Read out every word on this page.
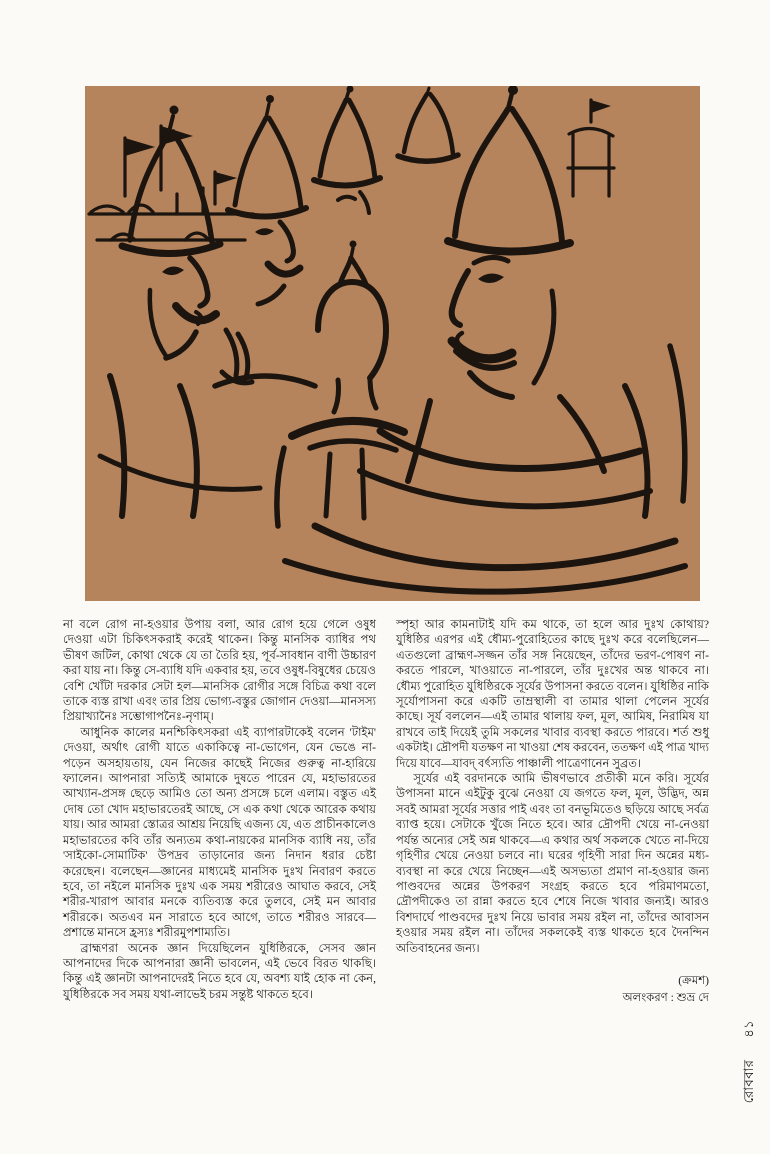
না বলে রোগ না-হওয়ার উপায় বলা, আর রোগ হয়ে গেলে ওষুধ দেওয়া এটা চিকিৎসকরাই করেই থাকেন। কিন্তু মানসিক ব্যাধির পথ ভীষণ জটিল, কোথা থেকে যে তা তৈরি হয়, পূর্ব-সাবধান বাণী উচ্চারণ করা যায় না। কিন্তু সে-ব্যাধি যদি একবার হয়, তবে ওষুধ-বিষুধের চেয়েও বেশি খোঁটা দরকার সেটা হল—মানসিক রোগীর সঙ্গে বিচিত্র কথা বলে তাকে ব্যস্ত রাখা এবং তার প্রিয় ভোগ্য-বস্তুর জোগান দেওয়া—মানসস্য প্রিয়াখ্যানৈঃ সম্ভোগাপনৈঃ-নৃণাম্।

আধুনিক কালের মনশ্চিকিৎসকরা এই ব্যাপারটাকেই বলেন 'টাইম' দেওয়া, অর্থাৎ রোগী যাতে একাকিত্বে না-ভোগেন, যেন ভেঙে না-পড়েন অসহায়তায়, যেন নিজের কাছেই নিজের গুরুত্ব না-হারিয়ে ফ্যালেন। আপনারা সত্যিই আমাকে দুষতে পারেন যে, মহাভারতের আখ্যান-প্রসঙ্গ ছেড়ে আমিও তো অন্য প্রসঙ্গে চলে এলাম। বস্তুত এই দোষ তো খোদ মহাভারতেরই আছে, সে এক কথা থেকে আরেক কথায় যায়। আর আমরা স্তোত্রর আশ্রয় নিয়েছি এজন্য যে, এত প্রাচীনকালেও মহাভারতের কবি তাঁর অন্যতম কথা-নায়কের মানসিক ব্যাধি নয়, তাঁর 'সাইকো-সোমাটিক' উপদ্রব তাড়ানোর জন্য নিদান ধরার চেষ্টা করেছেন। বলেছেন—জ্ঞানের মাধ্যমেই মানসিক দুঃখ নিবারণ করতে হবে, তা নইলে মানসিক দুঃখ এক সময় শরীরেও আঘাত করবে, সেই শরীর-খারাপ আবার মনকে ব্যতিব্যস্ত করে তুলবে, সেই মন আবার শরীরকে। অতএব মন সারাতে হবে আগে, তাতে শরীরও সারবে—প্রশান্তে মানসে হ্রস্যঃ শরীরমুপশাম্যতি।

ব্রাহ্মণরা অনেক জ্ঞান দিয়েছিলেন যুধিষ্ঠিরকে, সেসব জ্ঞান আপনাদের দিকে আপনারা জ্ঞানী ভাবলেন, এই ভেবে বিরত থাকছি। কিন্তু এই জ্ঞানটা আপনাদেরই নিতে হবে যে, অবশ্য যাই হোক না কেন, যুধিষ্ঠিরকে সব সময় যথা-লাভেই চরম সন্তুষ্ট থাকতে হবে।

স্পৃহা আর কামনাটাই যদি কম থাকে, তা হলে আর দুঃখ কোথায়? যুধিষ্ঠির এরপর এই ধৌম্য-পুরোহিতের কাছে দুঃখ করে বলেছিলেন—এতগুলো ব্রাহ্মণ-সজ্জন তাঁর সঙ্গ নিয়েছেন, তাঁদের ভরণ-পোষণ না-করতে পারলে, খাওয়াতে না-পারলে, তাঁর দুঃখের অন্ত থাকবে না। ধৌম্য পুরোহিত যুধিষ্ঠিরকে সূর্যের উপাসনা করতে বলেন। যুধিষ্ঠির নাকি সূর্যোপাসনা করে একটি তাম্রস্থালী বা তামার থালা পেলেন সূর্যের কাছে। সূর্য বললেন—এই তামার থালায় ফল, মূল, আমিষ, নিরামিষ যা রাখবে তাই দিয়েই তুমি সকলের খাবার ব্যবস্থা করতে পারবে। শর্ত শুধু একটাই। দ্রৌপদী যতক্ষণ না খাওয়া শেষ করবেন, ততক্ষণ এই পাত্র খাদ্য দিয়ে যাবে—যাবদ্ বর্ৎস্যতি পাঞ্চালী পাত্রেণানেন সুব্রত।

সূর্যের এই বরদানকে আমি ভীষণভাবে প্রতীকী মনে করি। সূর্যের উপাসনা মানে এইটুকু বুঝে নেওয়া যে জগতে ফল, মূল, উদ্ভিদ, অন্ন সবই আমরা সূর্যের সত্তার পাই এবং তা বনভূমিতেও ছড়িয়ে আছে সর্বত্র ব্যাপ্ত হয়ে। সেটাকে খুঁজে নিতে হবে। আর দ্রৌপদী খেয়ে না-নেওয়া পর্যন্ত অন্যের সেই অন্ন থাকবে—এ কথার অর্থ সকলকে খেতে না-দিয়ে গৃহিণীর খেয়ে নেওয়া চলবে না। ঘরের গৃহিণী সারা দিন অন্নের মধ্য-ব্যবস্থা না করে খেয়ে নিচ্ছেন—এই অসভ্যতা প্রমাণ না-হওয়ার জন্য পাণ্ডবদের অন্নের উপকরণ সংগ্রহ করতে হবে পরিমাণমতো, দ্রৌপদীকেও তা রান্না করতে হবে শেষে নিজে খাবার জন্যই। আরও বিশদার্ঘে পাণ্ডবদের দুঃখ নিয়ে ভাবার সময় রইল না, তাঁদের আবাসন হওয়ার সময় রইল না। তাঁদের সকলকেই ব্যস্ত থাকতে হবে দৈনন্দিন অতিবাহনের জন্য।

(ক্রমশ)
অলংকরণ : শুভ্র দে
রোববার
৪১
